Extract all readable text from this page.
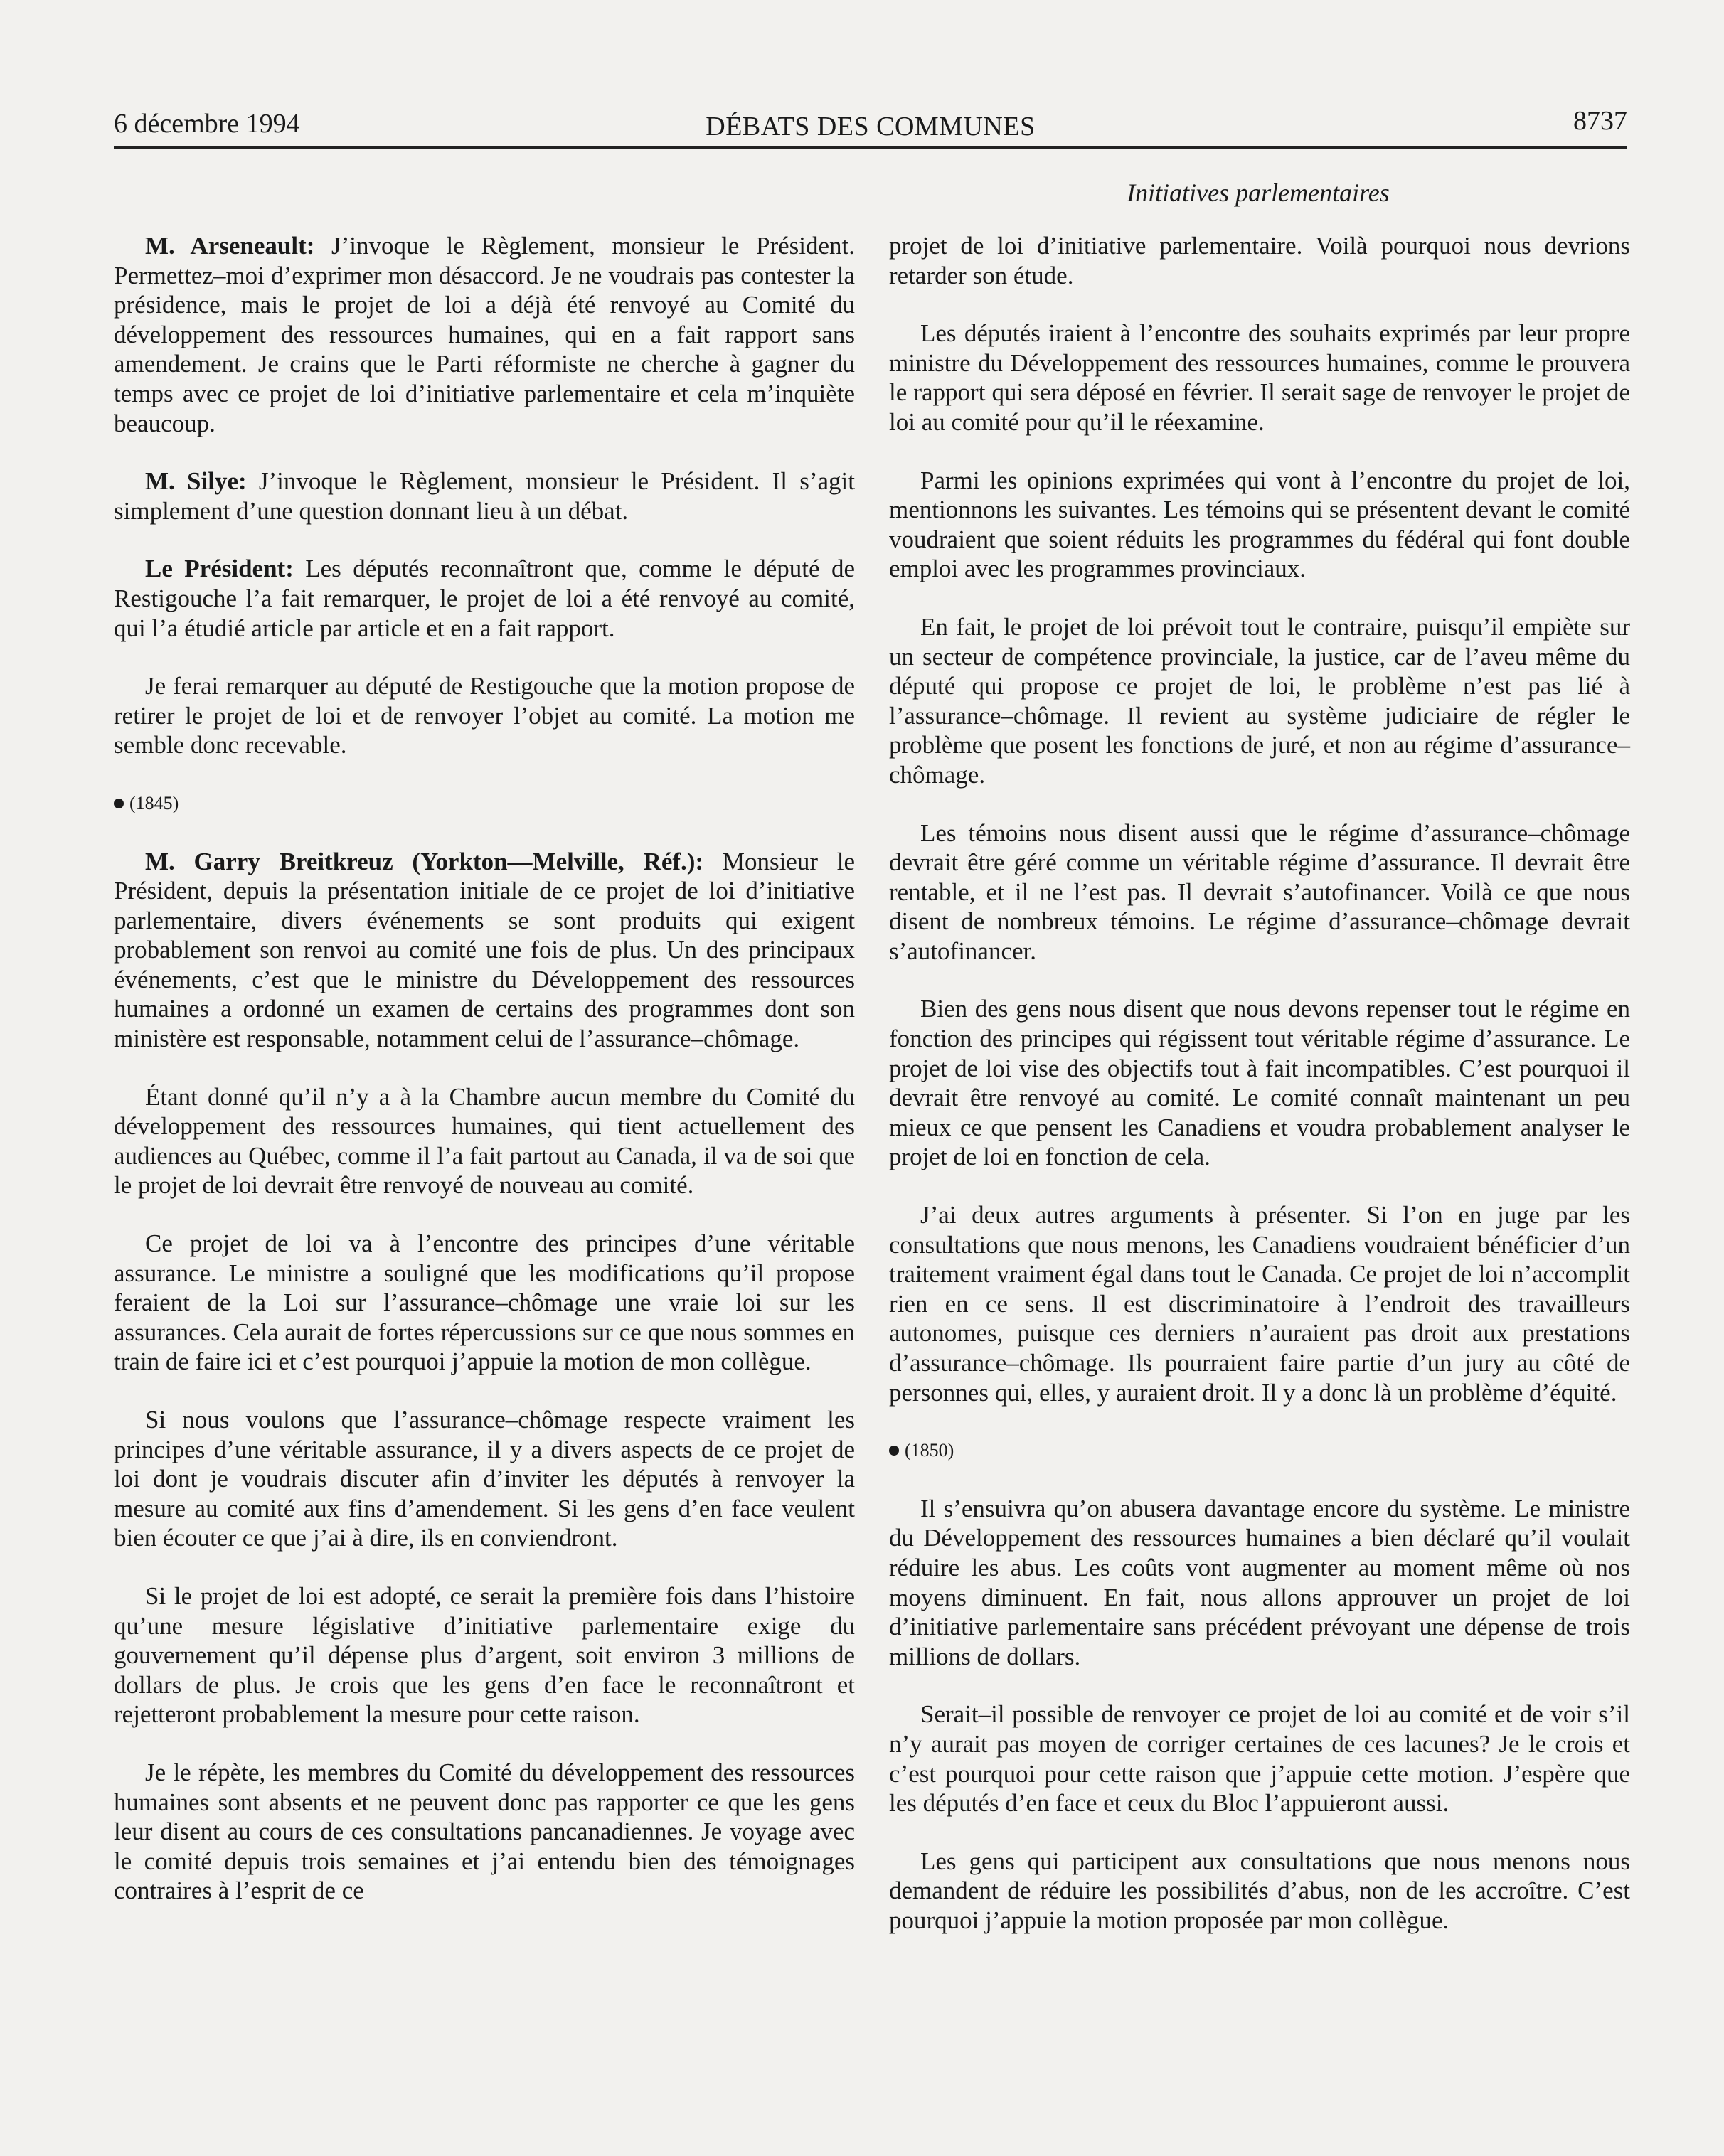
6 décembre 1994	DÉBATS DES COMMUNES	8737
Initiatives parlementaires

M. Arseneault: J’invoque le Règlement, monsieur le Président. Permettez–moi d’exprimer mon désaccord. Je ne voudrais pas contester la présidence, mais le projet de loi a déjà été renvoyé au Comité du développement des ressources humaines, qui en a fait rapport sans amendement. Je crains que le Parti réformiste ne cherche à gagner du temps avec ce projet de loi d’initiative parlementaire et cela m’inquiète beaucoup.

M. Silye: J’invoque le Règlement, monsieur le Président. Il s’agit simplement d’une question donnant lieu à un débat.

Le Président: Les députés reconnaîtront que, comme le député de Restigouche l’a fait remarquer, le projet de loi a été renvoyé au comité, qui l’a étudié article par article et en a fait rapport.

Je ferai remarquer au député de Restigouche que la motion propose de retirer le projet de loi et de renvoyer l’objet au comité. La motion me semble donc recevable.

(1845)

M. Garry Breitkreuz (Yorkton—Melville, Réf.): Monsieur le Président, depuis la présentation initiale de ce projet de loi d’initiative parlementaire, divers événements se sont produits qui exigent probablement son renvoi au comité une fois de plus. Un des principaux événements, c’est que le ministre du Développement des ressources humaines a ordonné un examen de certains des programmes dont son ministère est responsable, notamment celui de l’assurance–chômage.

Étant donné qu’il n’y a à la Chambre aucun membre du Comité du développement des ressources humaines, qui tient actuellement des audiences au Québec, comme il l’a fait partout au Canada, il va de soi que le projet de loi devrait être renvoyé de nouveau au comité.

Ce projet de loi va à l’encontre des principes d’une véritable assurance. Le ministre a souligné que les modifications qu’il propose feraient de la Loi sur l’assurance–chômage une vraie loi sur les assurances. Cela aurait de fortes répercussions sur ce que nous sommes en train de faire ici et c’est pourquoi j’appuie la motion de mon collègue.

Si nous voulons que l’assurance–chômage respecte vraiment les principes d’une véritable assurance, il y a divers aspects de ce projet de loi dont je voudrais discuter afin d’inviter les députés à renvoyer la mesure au comité aux fins d’amendement. Si les gens d’en face veulent bien écouter ce que j’ai à dire, ils en conviendront.

Si le projet de loi est adopté, ce serait la première fois dans l’histoire qu’une mesure législative d’initiative parlementaire exige du gouvernement qu’il dépense plus d’argent, soit environ 3 millions de dollars de plus. Je crois que les gens d’en face le reconnaîtront et rejetteront probablement la mesure pour cette raison.

Je le répète, les membres du Comité du développement des ressources humaines sont absents et ne peuvent donc pas rapporter ce que les gens leur disent au cours de ces consultations pancanadiennes. Je voyage avec le comité depuis trois semaines et j’ai entendu bien des témoignages contraires à l’esprit de ce

projet de loi d’initiative parlementaire. Voilà pourquoi nous devrions retarder son étude.

Les députés iraient à l’encontre des souhaits exprimés par leur propre ministre du Développement des ressources humaines, comme le prouvera le rapport qui sera déposé en février. Il serait sage de renvoyer le projet de loi au comité pour qu’il le réexamine.

Parmi les opinions exprimées qui vont à l’encontre du projet de loi, mentionnons les suivantes. Les témoins qui se présentent devant le comité voudraient que soient réduits les programmes du fédéral qui font double emploi avec les programmes provinciaux.

En fait, le projet de loi prévoit tout le contraire, puisqu’il empiète sur un secteur de compétence provinciale, la justice, car de l’aveu même du député qui propose ce projet de loi, le problème n’est pas lié à l’assurance–chômage. Il revient au système judiciaire de régler le problème que posent les fonctions de juré, et non au régime d’assurance–chômage.

Les témoins nous disent aussi que le régime d’assurance–chômage devrait être géré comme un véritable régime d’assurance. Il devrait être rentable, et il ne l’est pas. Il devrait s’autofinancer. Voilà ce que nous disent de nombreux témoins. Le régime d’assurance–chômage devrait s’autofinancer.

Bien des gens nous disent que nous devons repenser tout le régime en fonction des principes qui régissent tout véritable régime d’assurance. Le projet de loi vise des objectifs tout à fait incompatibles. C’est pourquoi il devrait être renvoyé au comité. Le comité connaît maintenant un peu mieux ce que pensent les Canadiens et voudra probablement analyser le projet de loi en fonction de cela.

J’ai deux autres arguments à présenter. Si l’on en juge par les consultations que nous menons, les Canadiens voudraient bénéficier d’un traitement vraiment égal dans tout le Canada. Ce projet de loi n’accomplit rien en ce sens. Il est discriminatoire à l’endroit des travailleurs autonomes, puisque ces derniers n’auraient pas droit aux prestations d’assurance–chômage. Ils pourraient faire partie d’un jury au côté de personnes qui, elles, y auraient droit. Il y a donc là un problème d’équité.

(1850)

Il s’ensuivra qu’on abusera davantage encore du système. Le ministre du Développement des ressources humaines a bien déclaré qu’il voulait réduire les abus. Les coûts vont augmenter au moment même où nos moyens diminuent. En fait, nous allons approuver un projet de loi d’initiative parlementaire sans précédent prévoyant une dépense de trois millions de dollars.

Serait–il possible de renvoyer ce projet de loi au comité et de voir s’il n’y aurait pas moyen de corriger certaines de ces lacunes? Je le crois et c’est pourquoi pour cette raison que j’appuie cette motion. J’espère que les députés d’en face et ceux du Bloc l’appuieront aussi.

Les gens qui participent aux consultations que nous menons nous demandent de réduire les possibilités d’abus, non de les accroître. C’est pourquoi j’appuie la motion proposée par mon collègue.
